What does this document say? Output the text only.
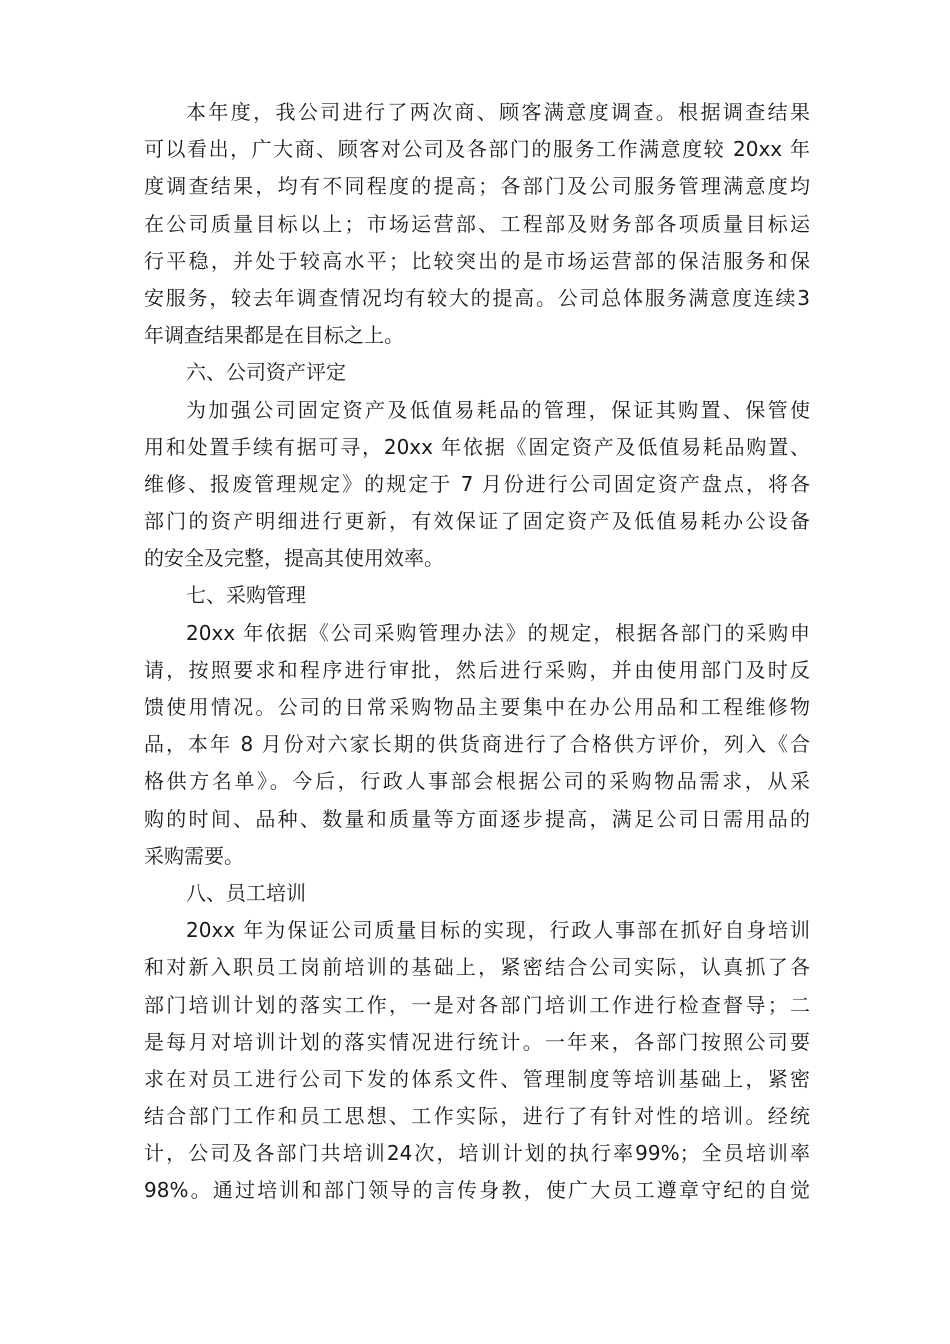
本年度，我公司进行了两次商、顾客满意度调查。根据调查结果
可以看出，广大商、顾客对公司及各部门的服务工作满意度较 20xx 年
度调查结果，均有不同程度的提高；各部门及公司服务管理满意度均
在公司质量目标以上；市场运营部、工程部及财务部各项质量目标运
行平稳，并处于较高水平；比较突出的是市场运营部的保洁服务和保
安服务，较去年调查情况均有较大的提高。公司总体服务满意度连续3
年调查结果都是在目标之上。
六、公司资产评定
为加强公司固定资产及低值易耗品的管理，保证其购置、保管使
用和处置手续有据可寻，20xx 年依据《固定资产及低值易耗品购置、
维修、报废管理规定》的规定于 7 月份进行公司固定资产盘点，将各
部门的资产明细进行更新，有效保证了固定资产及低值易耗办公设备
的安全及完整，提高其使用效率。
七、采购管理
20xx 年依据《公司采购管理办法》的规定，根据各部门的采购申
请，按照要求和程序进行审批，然后进行采购，并由使用部门及时反
馈使用情况。公司的日常采购物品主要集中在办公用品和工程维修物
品，本年 8 月份对六家长期的供货商进行了合格供方评价，列入《合
格供方名单》。今后，行政人事部会根据公司的采购物品需求，从采
购的时间、品种、数量和质量等方面逐步提高，满足公司日需用品的
采购需要。
八、员工培训
20xx 年为保证公司质量目标的实现，行政人事部在抓好自身培训
和对新入职员工岗前培训的基础上，紧密结合公司实际，认真抓了各
部门培训计划的落实工作，一是对各部门培训工作进行检查督导；二
是每月对培训计划的落实情况进行统计。一年来，各部门按照公司要
求在对员工进行公司下发的体系文件、管理制度等培训基础上，紧密
结合部门工作和员工思想、工作实际，进行了有针对性的培训。经统
计，公司及各部门共培训24次，培训计划的执行率99%；全员培训率
98%。通过培训和部门领导的言传身教，使广大员工遵章守纪的自觉
